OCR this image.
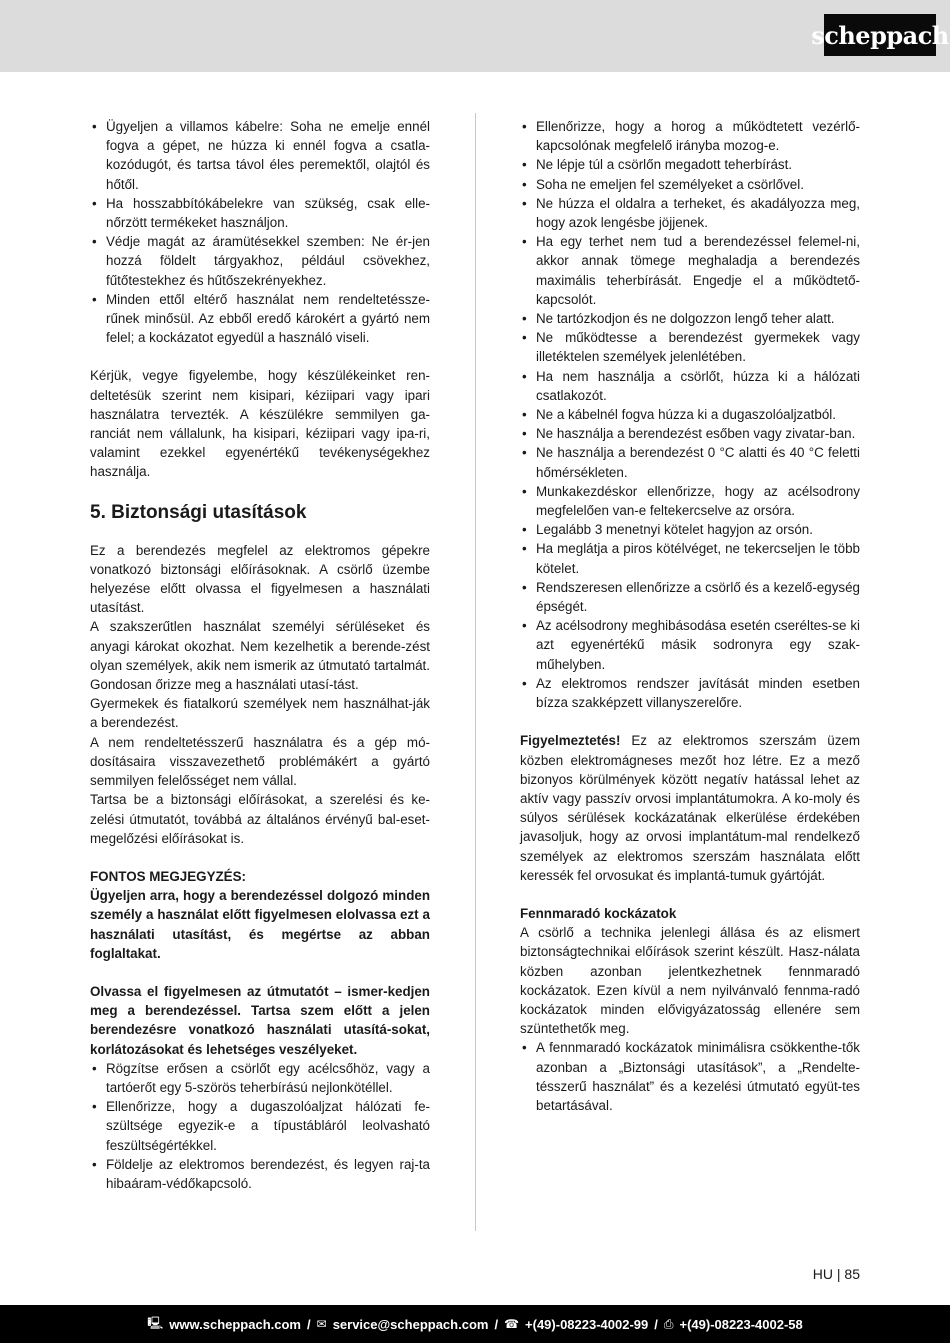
scheppach
• Ügyeljen a villamos kábelre: Soha ne emelje ennél fogva a gépet, ne húzza ki ennél fogva a csatla-kozódugót, és tartsa távol éles peremektől, olajtól és hőtől.
• Ha hosszabbítókábelekre van szükség, csak elle-nőrzött termékeket használjon.
• Védje magát az áramütésekkel szemben: Ne ér-jen hozzá földelt tárgyakhoz, például csövekhez, fűtőtestekhez és hűtőszekrényekhez.
• Minden ettől eltérő használat nem rendeltetéssze-rűnek minősül. Az ebből eredő károkért a gyártó nem felel; a kockázatot egyedül a használó viseli.

Kérjük, vegye figyelembe, hogy készülékeinket ren-deltetésük szerint nem kisipari, kéziipari vagy ipari használatra tervezték. A készülékre semmilyen ga-ranciát nem vállalunk, ha kisipari, kéziipari vagy ipa-ri, valamint ezekkel egyenértékű tevékenységekhez használja.

5. Biztonsági utasítások

Ez a berendezés megfelel az elektromos gépekre vonatkozó biztonsági előírásoknak. A csörlő üzembe helyezése előtt olvassa el figyelmesen a használati utasítást.

A szakszerűtlen használat személyi sérüléseket és anyagi károkat okozhat. Nem kezelhetik a berende-zést olyan személyek, akik nem ismerik az útmutató tartalmát. Gondosan őrizze meg a használati utasí-tást.

Gyermekek és fiatalkorú személyek nem használhat-ják a berendezést.

A nem rendeltetésszerű használatra és a gép mó-dosításaira visszavezethető problémákért a gyártó semmilyen felelősséget nem vállal.

Tartsa be a biztonsági előírásokat, a szerelési és ke-zelési útmutatót, továbbá az általános érvényű bal-eset-megelőzési előírásokat is.

FONTOS MEGJEGYZÉS:

Ügyeljen arra, hogy a berendezéssel dolgozó minden személy a használat előtt figyelmesen elolvassa ezt a használati utasítást, és megértse az abban foglaltakat.

Olvassa el figyelmesen az útmutatót – ismer-kedjen meg a berendezéssel. Tartsa szem előtt a jelen berendezésre vonatkozó használati utasítá-sokat, korlátozásokat és lehetséges veszélyeket.

• Rögzítse erősen a csörlőt egy acélcsőhöz, vagy a tartóerőt egy 5-szörös teherbírású nejlonkötéllel.
• Ellenőrizze, hogy a dugaszolóaljzat hálózati fe-szültsége egyezik-e a típustábláról leolvasható feszültségértékkel.
• Földelje az elektromos berendezést, és legyen raj-ta hibaáram-védőkapcsoló.
• Ellenőrizze, hogy a horog a működtetett vezérlő-kapcsolónak megfelelő irányba mozog-e.
• Ne lépje túl a csörlőn megadott teherbírást.
• Soha ne emeljen fel személyeket a csörlővel.
• Ne húzza el oldalra a terheket, és akadályozza meg, hogy azok lengésbe jöjjenek.
• Ha egy terhet nem tud a berendezéssel felemel-ni, akkor annak tömege meghaladja a berendezés maximális teherbírását. Engedje el a működtető-kapcsolót.
• Ne tartózkodjon és ne dolgozzon lengő teher alatt.
• Ne működtesse a berendezést gyermekek vagy illetéktelen személyek jelenlétében.
• Ha nem használja a csörlőt, húzza ki a hálózati csatlakozót.
• Ne a kábelnél fogva húzza ki a dugaszolóaljzatból.
• Ne használja a berendezést esőben vagy zivatar-ban.
• Ne használja a berendezést 0 °C alatti és 40 °C feletti hőmérsékleten.
• Munkakezdéskor ellenőrizze, hogy az acélsodrony megfelelően van-e feltekercselve az orsóra.
• Legalább 3 menetnyi kötelet hagyjon az orsón.
• Ha meglátja a piros kötélvéget, ne tekercseljen le több kötelet.
• Rendszeresen ellenőrizze a csörlő és a kezelő-egység épségét.
• Az acélsodrony meghibásodása esetén cseréltes-se ki azt egyenértékű másik sodronyra egy szak-műhelyben.
• Az elektromos rendszer javítását minden esetben bízza szakképzett villanyszerelőre.

Figyelmeztetés! Ez az elektromos szerszám üzem közben elektromágneses mezőt hoz létre. Ez a mező bizonyos körülmények között negatív hatással lehet az aktív vagy passzív orvosi implantátumokra. A ko-moly és súlyos sérülések kockázatának elkerülése érdekében javasoljuk, hogy az orvosi implantátum-mal rendelkező személyek az elektromos szerszám használata előtt keressék fel orvosukat és implantá-tumuk gyártóját.

Fennmaradó kockázatok

A csörlő a technika jelenlegi állása és az elismert biztonságtechnikai előírások szerint készült. Hasz-nálata közben azonban jelentkezhetnek fennmaradó kockázatok. Ezen kívül a nem nyilvánvaló fennma-radó kockázatok minden elővigyázatosság ellenére sem szüntethetők meg.

• A fennmaradó kockázatok minimálisra csökkenthe-tők azonban a „Biztonsági utasítások”, a „Rendelte-tésszerű használat” és a kezelési útmutató együt-tes betartásával.
HU | 85
🖳 www.scheppach.com / ✉ service@scheppach.com / ☎ +(49)-08223-4002-99 / ⎙ +(49)-08223-4002-58
